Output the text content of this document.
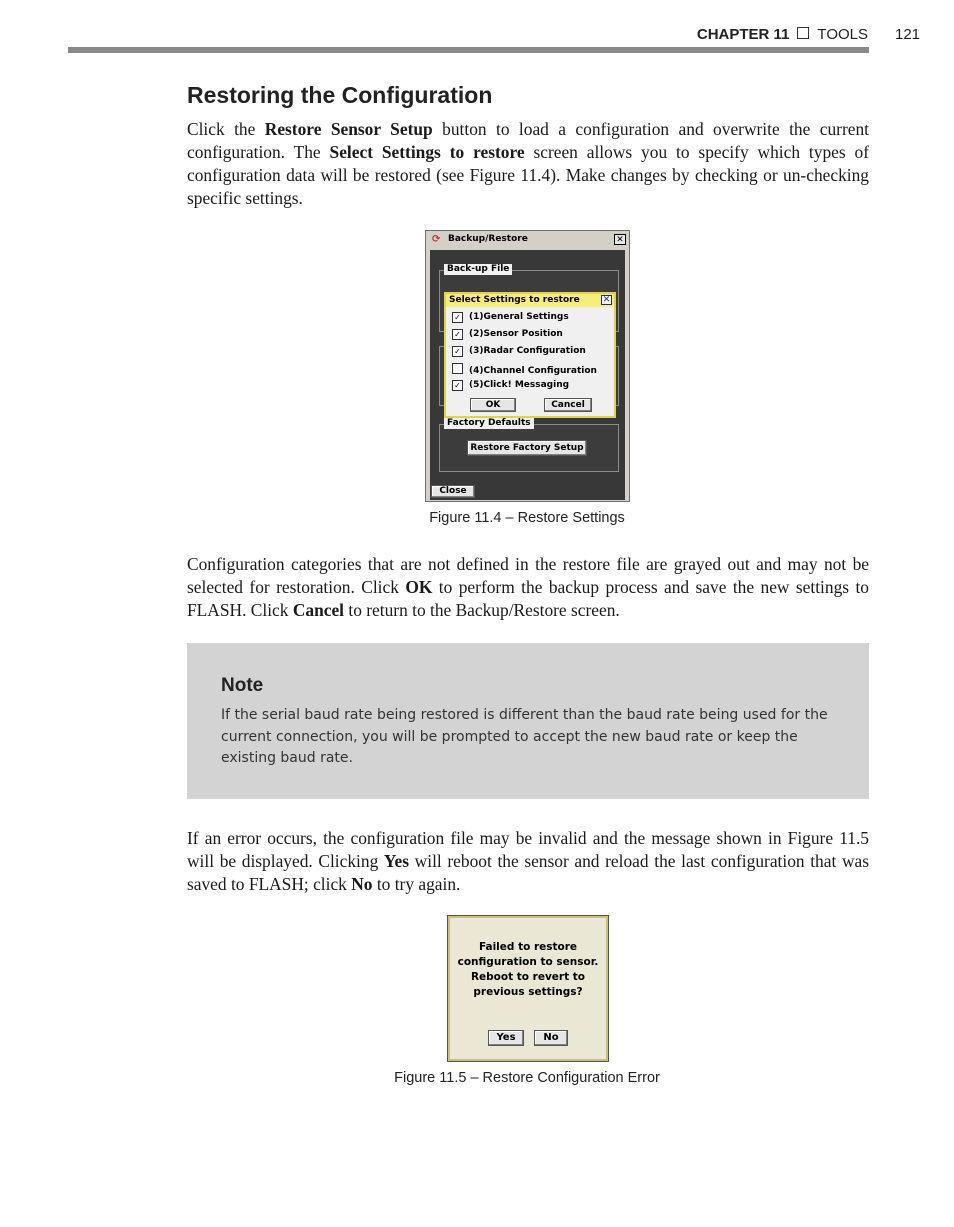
CHAPTER 11 TOOLS 121
Restoring the Configuration
Click the Restore Sensor Setup button to load a configuration and overwrite the current configuration. The Select Settings to restore screen allows you to specify which types of configuration data will be restored (see Figure 11.4). Make changes by checking or un-checking specific settings.
⟳ Backup/Restore	✕
Back-up File
Select Settings to restore	✕
✓ (1)General Settings
✓ (2)Sensor Position
✓ (3)Radar Configuration
(4)Channel Configuration
✓ (5)Click! Messaging
OK	Cancel
Factory Defaults
Restore Factory Setup
Close
Figure 11.4 – Restore Settings
Configuration categories that are not defined in the restore file are grayed out and may not be selected for restoration. Click OK to perform the backup process and save the new settings to FLASH. Click Cancel to return to the Backup/Restore screen.
Note
If the serial baud rate being restored is different than the baud rate being used for the current connection, you will be prompted to accept the new baud rate or keep the existing baud rate.
If an error occurs, the configuration file may be invalid and the message shown in Figure 11.5 will be displayed. Clicking Yes will reboot the sensor and reload the last configuration that was saved to FLASH; click No to try again.
Failed to restore configuration to sensor. Reboot to revert to previous settings?
Yes	No
Figure 11.5 – Restore Configuration Error
